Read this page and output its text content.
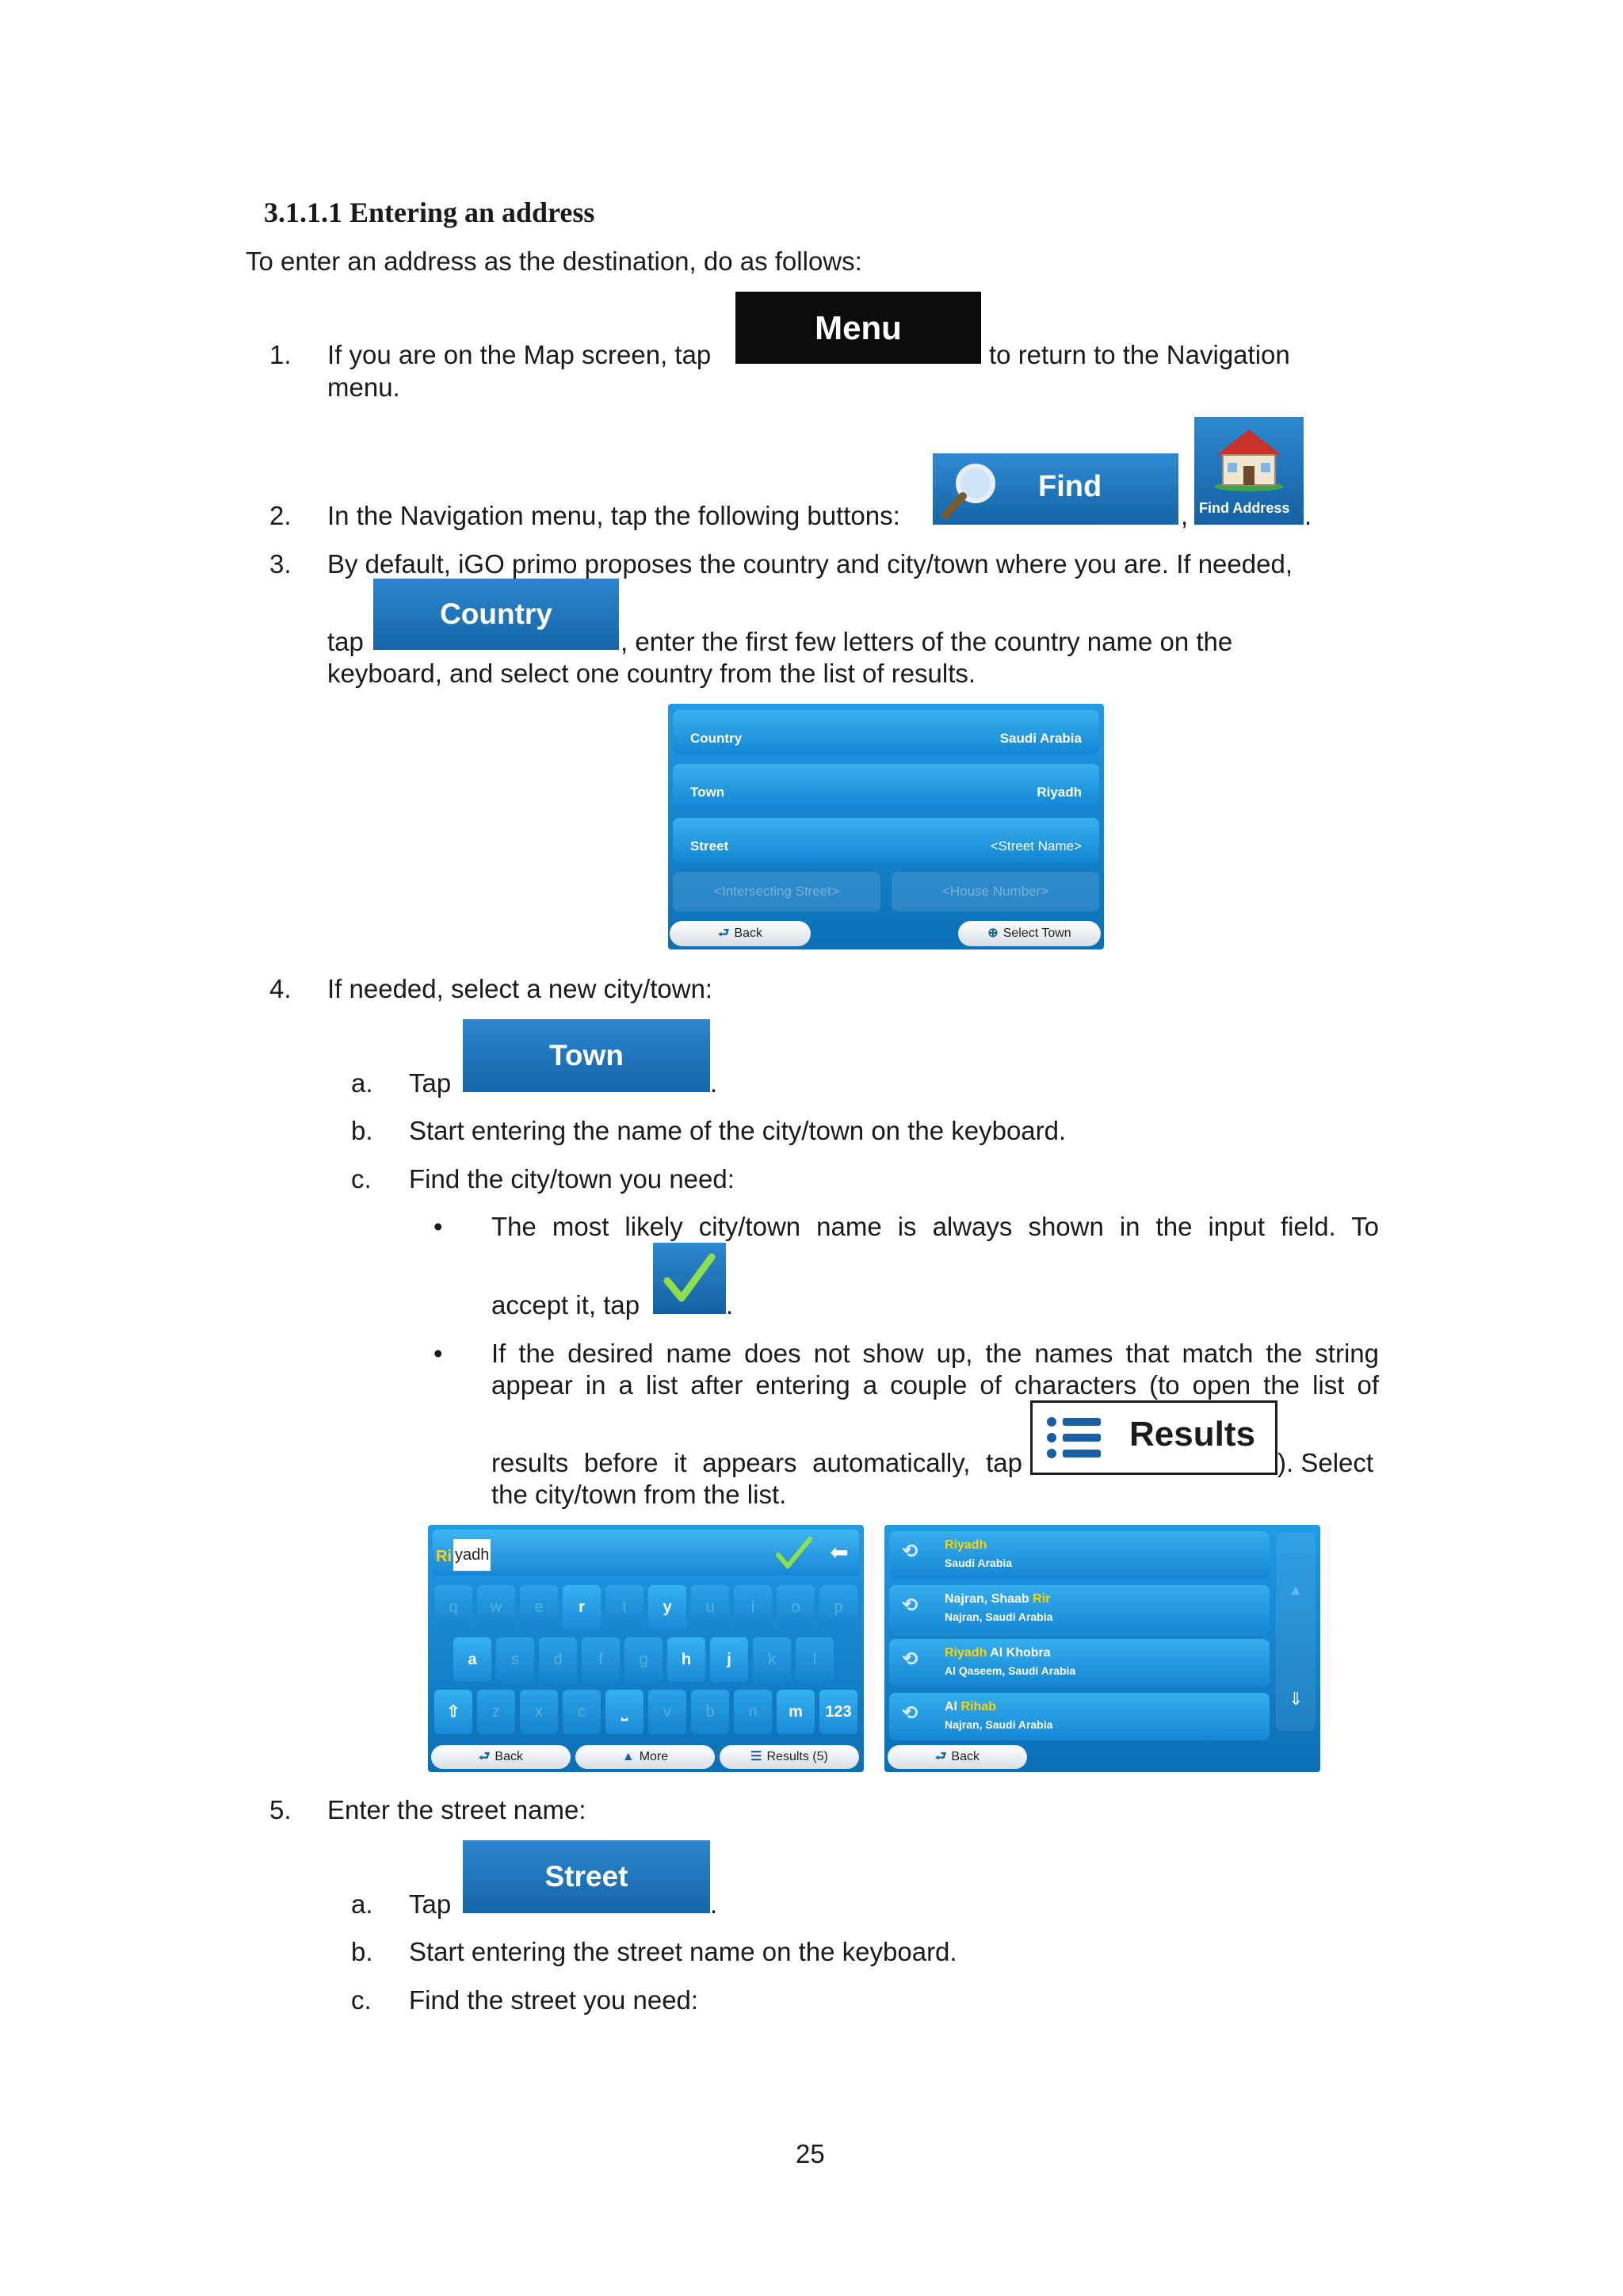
3.1.1.1 Entering an address
To enter an address as the destination, do as follows:
1. If you are on the Map screen, tap
Menu
to return to the Navigation
menu.
2. In the Navigation menu, tap the following buttons:
Find
, Find Address .
3. By default, iGO primo proposes the country and city/town where you are. If needed,
tap
Country
, enter the first few letters of the country name on the
keyboard, and select one country from the list of results.
Country	Saudi Arabia
Town	Riyadh
Street	<Street Name>
<Intersecting Street>	<House Number>
⮐ Back	⊕ Select Town
4. If needed, select a new city/town:
a. Tap
Town
.
b. Start entering the name of the city/town on the keyboard.
c. Find the city/town you need:
• The most likely city/town name is always shown in the input field. To
accept it, tap	.
• If the desired name does not show up, the names that match the string
appear in a list after entering a couple of characters (to open the list of
results before it appears automatically, tap
Results
). Select
the city/town from the list.
Ri yadh	⬅
q	w	e	r	t	y	u	i	o	p
a	s	d	f	g	h	j	k	l
⇧	z	x	c	⎵	v	b	n	m	123
⮐ Back	▲ More	☰ Results (5)
⟲ Riyadh
Saudi Arabia
⟲ Najran, Shaab Rir
Najran, Saudi Arabia
⟲ Riyadh Al Khobra
Al Qaseem, Saudi Arabia
⟲ Al Rihab
Najran, Saudi Arabia
▲
⇓
⮐ Back
5. Enter the street name:
a. Tap
Street
.
b. Start entering the street name on the keyboard.
c. Find the street you need:
25
